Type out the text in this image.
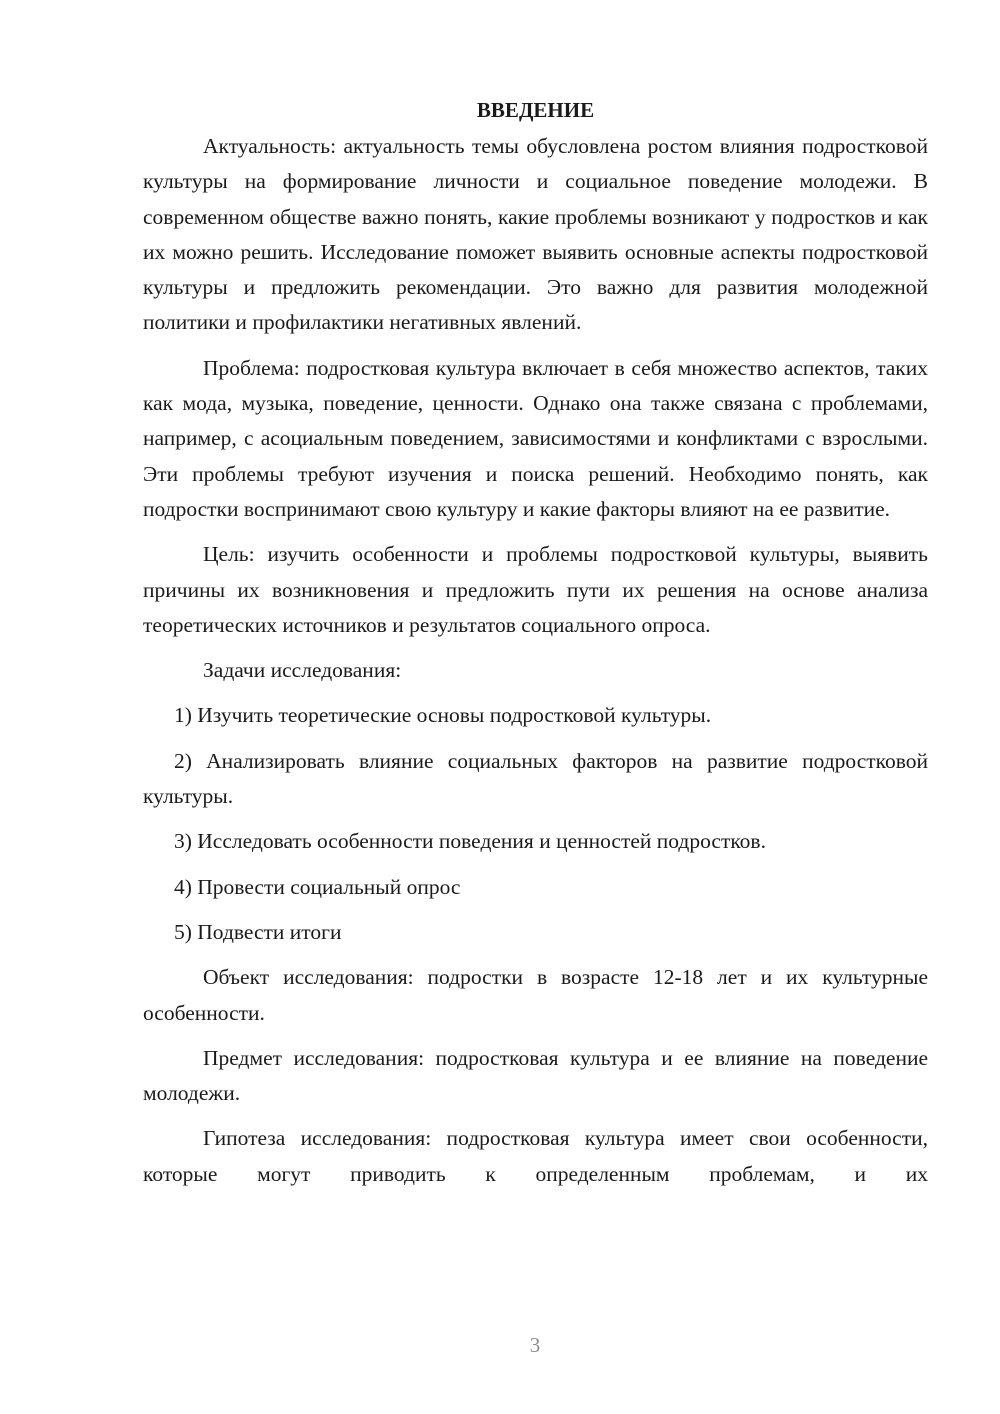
ВВЕДЕНИЕ

Актуальность: актуальность темы обусловлена ростом влияния подростковой культуры на формирование личности и социальное поведение молодежи. В современном обществе важно понять, какие проблемы возникают у подростков и как их можно решить. Исследование поможет выявить основные аспекты подростковой культуры и предложить рекомендации. Это важно для развития молодежной политики и профилактики негативных явлений.

Проблема: подростковая культура включает в себя множество аспектов, таких как мода, музыка, поведение, ценности. Однако она также связана с проблемами, например, с асоциальным поведением, зависимостями и конфликтами с взрослыми. Эти проблемы требуют изучения и поиска решений. Необходимо понять, как подростки воспринимают свою культуру и какие факторы влияют на ее развитие.

Цель: изучить особенности и проблемы подростковой культуры, выявить причины их возникновения и предложить пути их решения на основе анализа теоретических источников и результатов социального опроса.

Задачи исследования:

1) Изучить теоретические основы подростковой культуры.

2) Анализировать влияние социальных факторов на развитие подростковой культуры.

3) Исследовать особенности поведения и ценностей подростков.

4) Провести социальный опрос

5) Подвести итоги

Объект исследования: подростки в возрасте 12-18 лет и их культурные особенности.

Предмет исследования: подростковая культура и ее влияние на поведение молодежи.

Гипотеза исследования: подростковая культура имеет свои особенности, которые могут приводить к определенным проблемам, и их

3
